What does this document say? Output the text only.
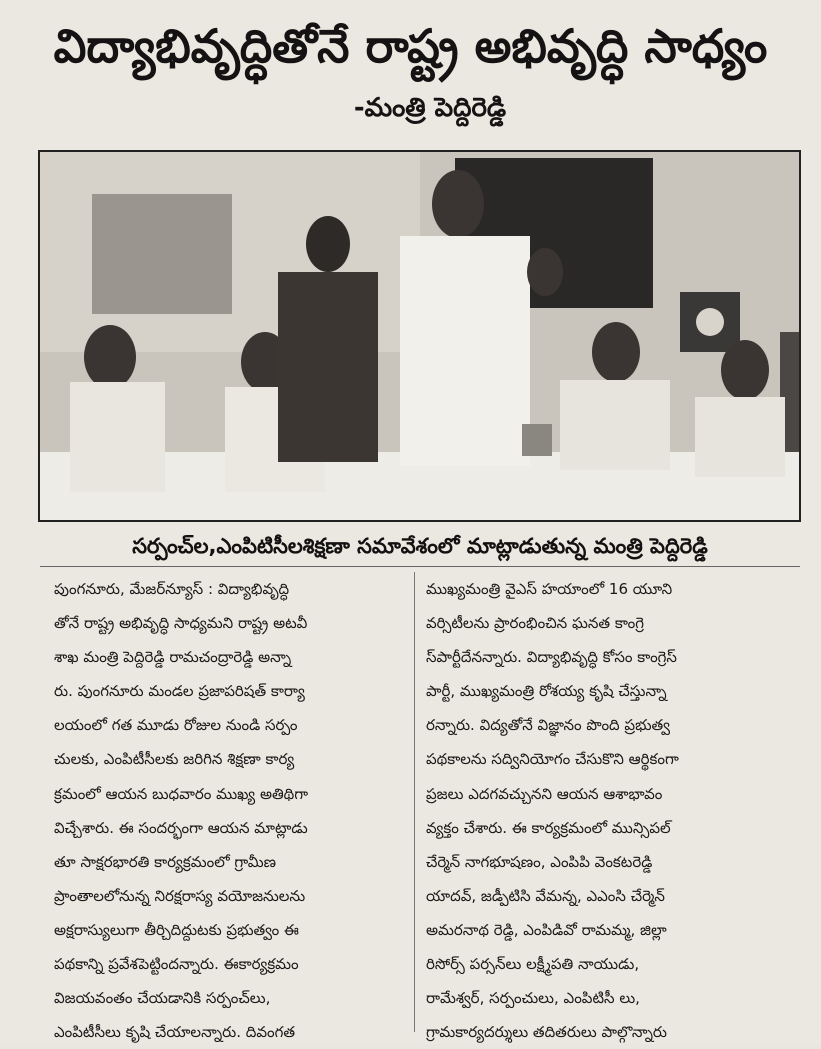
విద్యాభివృద్ధితోనే రాష్ట్ర అభివృద్ధి సాధ్యం
-మంత్రి పెద్దిరెడ్డి
సర్పంచ్‌ల,ఎంపిటిసీలశిక్షణా సమావేశంలో మాట్లాడుతున్న మంత్రి పెద్దిరెడ్డి
పుంగనూరు, మేజర్‌న్యూస్ : విద్యాభివృద్ధి
తోనే రాష్ట్ర అభివృద్ధి సాధ్యమని రాష్ట్ర అటవీ
శాఖ మంత్రి పెద్దిరెడ్డి రామచంద్రారెడ్డి అన్నా
రు. పుంగనూరు మండల ప్రజాపరిషత్ కార్యా
లయంలో గత మూడు రోజుల నుండి సర్పం
చులకు, ఎంపిటీసీలకు జరిగిన శిక్షణా కార్య
క్రమంలో ఆయన బుధవారం ముఖ్య అతిథిగా
విచ్చేశారు. ఈ సందర్భంగా ఆయన మాట్లాడు
తూ సాక్షరభారతి కార్యక్రమంలో గ్రామీణ
ప్రాంతాలలోనున్న నిరక్షరాస్య వయోజనులను
అక్షరాస్యులుగా తీర్చిదిద్దుటకు ప్రభుత్వం ఈ
పథకాన్ని ప్రవేశపెట్టిందన్నారు. ఈకార్యక్రమం
విజయవంతం చేయడానికి సర్పంచ్‌లు,
ఎంపిటీసీలు కృషి చేయాలన్నారు. దివంగత
ముఖ్యమంత్రి వైఎస్ హయాంలో 16 యూని
వర్సిటీలను ప్రారంభించిన ఘనత కాంగ్రె
స్‌పార్టీదేనన్నారు. విద్యాభివృద్ధి కోసం కాంగ్రెస్
పార్టీ, ముఖ్యమంత్రి రోశయ్య కృషి చేస్తున్నా
రన్నారు. విద్యతోనే విజ్ఞానం పొంది ప్రభుత్వ
పథకాలను సద్వినియోగం చేసుకొని ఆర్థికంగా
ప్రజలు ఎదగవచ్చునని ఆయన ఆశాభావం
వ్యక్తం చేశారు. ఈ కార్యక్రమంలో మున్సిపల్
చేర్మెన్ నాగభూషణం, ఎంపిపి వెంకటరెడ్డి
యాదవ్, జడ్పీటిసి వేమన్న, ఎఎంసి చేర్మెన్
అమరనాథ రెడ్డి, ఎంపిడివో రామమ్మ, జిల్లా
రిసోర్స్ పర్సన్‌లు లక్ష్మీపతి నాయుడు,
రామేశ్వర్, సర్పంచులు, ఎంపిటిసీ లు,
గ్రామకార్యదర్శులు తదితరులు పాల్గొన్నారు
